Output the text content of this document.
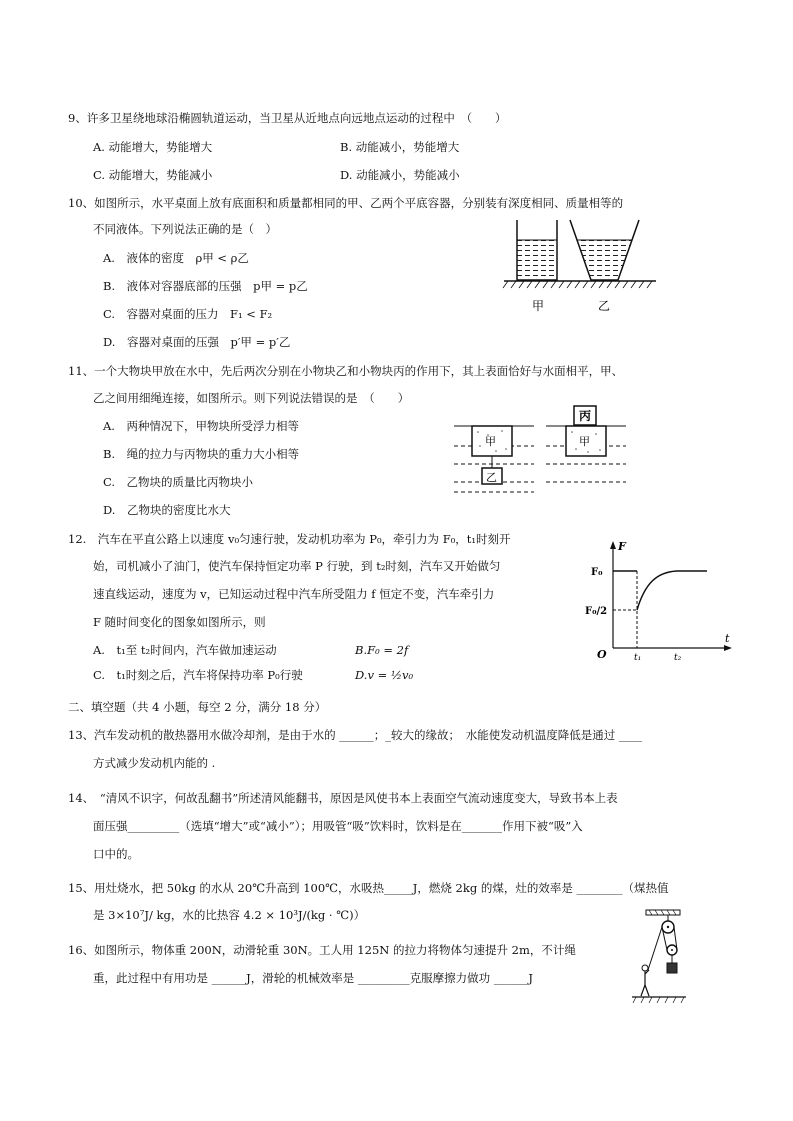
9、许多卫星绕地球沿椭圆轨道运动，当卫星从近地点向远地点运动的过程中　（　　）
A. 动能增大，势能增大	B. 动能减小，势能增大
C. 动能增大，势能减小	D. 动能减小，势能减小
10、如图所示，水平桌面上放有底面积和质量都相同的甲、乙两个平底容器，分别装有深度相同、质量相等的
不同液体。下列说法正确的是（　）
A.　液体的密度　ρ甲 < ρ乙
B.　液体对容器底部的压强　p甲 = p乙
C.　容器对桌面的压力　F₁ < F₂
D.　容器对桌面的压强　p′甲 = p′乙
甲	乙
11、一个大物块甲放在水中，先后两次分别在小物块乙和小物块丙的作用下，其上表面恰好与水面相平，甲、
乙之间用细绳连接，如图所示。则下列说法错误的是　（　　）
A.　两种情况下，甲物块所受浮力相等
B.　绳的拉力与丙物块的重力大小相等
C.　乙物块的质量比丙物块小
D.　乙物块的密度比水大
甲
乙
甲
丙
12.　汽车在平直公路上以速度 v₀匀速行驶，发动机功率为 P₀，牵引力为 F₀，t₁时刻开
始，司机减小了油门，使汽车保持恒定功率 P 行驶，到 t₂时刻，汽车又开始做匀
速直线运动，速度为 v，已知运动过程中汽车所受阻力 f 恒定不变，汽车牵引力
F 随时间变化的图象如图所示，则
A.　t₁至 t₂时间内，汽车做加速运动	B.F₀ = 2f
C.　t₁时刻之后，汽车将保持功率 P₀行驶	D.v = ½v₀
F
t
O
F₀
F₀/2
t₁	t₂
二、填空题（共 4 小题，每空 2 分，满分 18 分）
13、汽车发动机的散热器用水做冷却剂，是由于水的 ______；_较大的缘故；　水能使发动机温度降低是通过 ____
方式减少发动机内能的 .
14、　“清风不识字，何故乱翻书”所述清风能翻书，原因是风使书本上表面空气流动速度变大，导致书本上表
面压强_________（选填“增大”或“减小”）；用吸管“吸”饮料时，饮料是在_______作用下被“吸”入
口中的。
15、用灶烧水，把 50kg 的水从 20℃升高到 100℃，水吸热_____J，燃烧 2kg 的煤，灶的效率是 ________（煤热值
是 3×10⁷J/ kg，水的比热容 4.2 × 10³J/(kg · ℃)）
16、如图所示，物体重 200N，动滑轮重 30N。工人用 125N 的拉力将物体匀速提升 2m，不计绳
重，此过程中有用功是 ______J，滑轮的机械效率是 _________克服摩擦力做功 ______J
